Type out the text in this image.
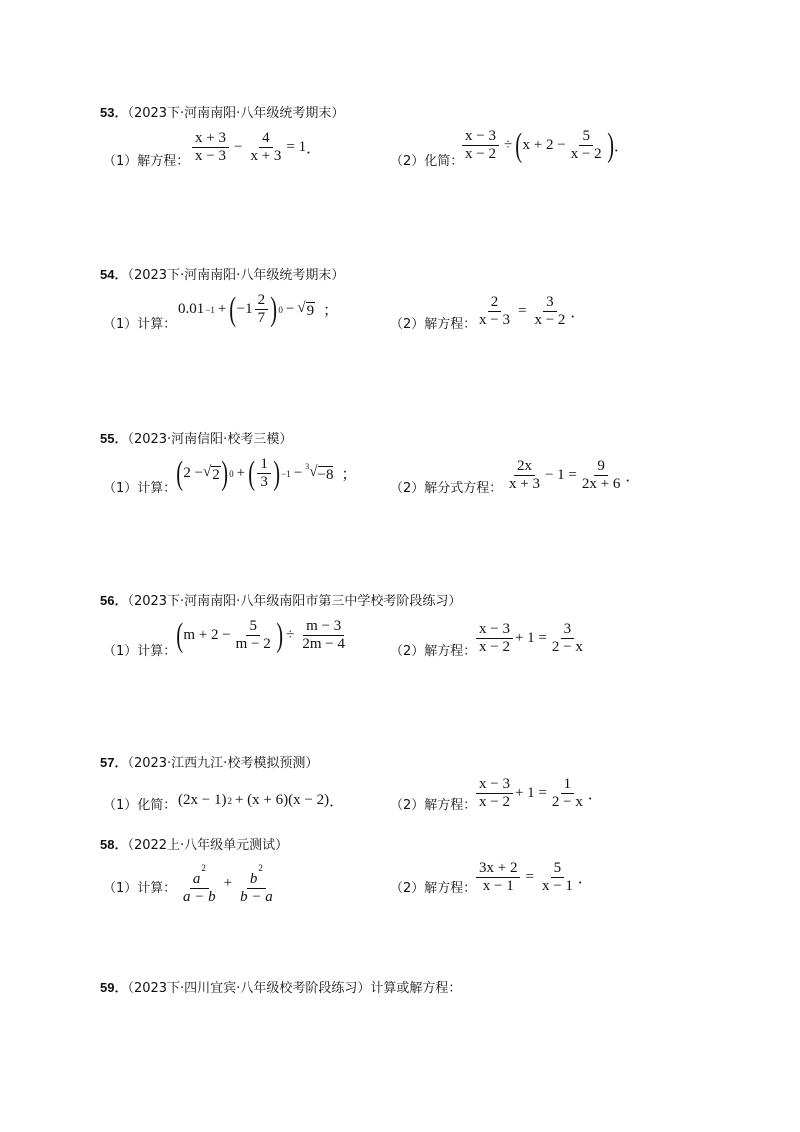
53．（2023下·河南南阳·八年级统考期末）
（1）解方程： $\frac{x + 3}{x - 3} - \frac{4}{x + 3} = 1$ ．
（2）化简：
$\frac{x - 3}{x - 2}$ ÷ ( $x + 2 - \frac{5}{x - 2}$ ) ．
54．（2023下·河南南阳·八年级统考期末）
（1）计算：
0.01 −1 + ( $-1 \frac{2}{7}$ ) 0 − √ 9 ；
（2）解方程： $\frac{2}{x - 3} = \frac{3}{x - 2}$ ．
55．（2023·河南信阳·校考三模）
（1）计算： ( 2 − √ 2 ) 0 + ( $\frac{1}{3}$ ) −1 − 3 √ −8 ；
（2）解分式方程： $\frac{2x}{x + 3} - 1 = \frac{9}{2x + 6}$ ．
56．（2023下·河南南阳·八年级南阳市第三中学校考阶段练习）
（1）计算： ( $m + 2 - \frac{5}{m - 2}$ ) ÷ $\frac{m - 3}{2m - 4}$	（2）解方程： $\frac{x - 3}{x - 2} + 1 = \frac{3}{2 - x}$
57．（2023·江西九江·校考模拟预测）
（1）化简： (2x − 1) 2 + (x + 6)(x − 2) ．	（2）解方程： $\frac{x - 3}{x - 2} + 1 = \frac{1}{2 - x}$ ．
58．（2022上·八年级单元测试）
（1）计算： $\frac{a^2}{a - b} + \frac{b^2}{b - a}$	（2）解方程： $\frac{3x + 2}{x - 1} = \frac{5}{x - 1}$ ．
59．（2023下·四川宜宾·八年级校考阶段练习）计算或解方程：
